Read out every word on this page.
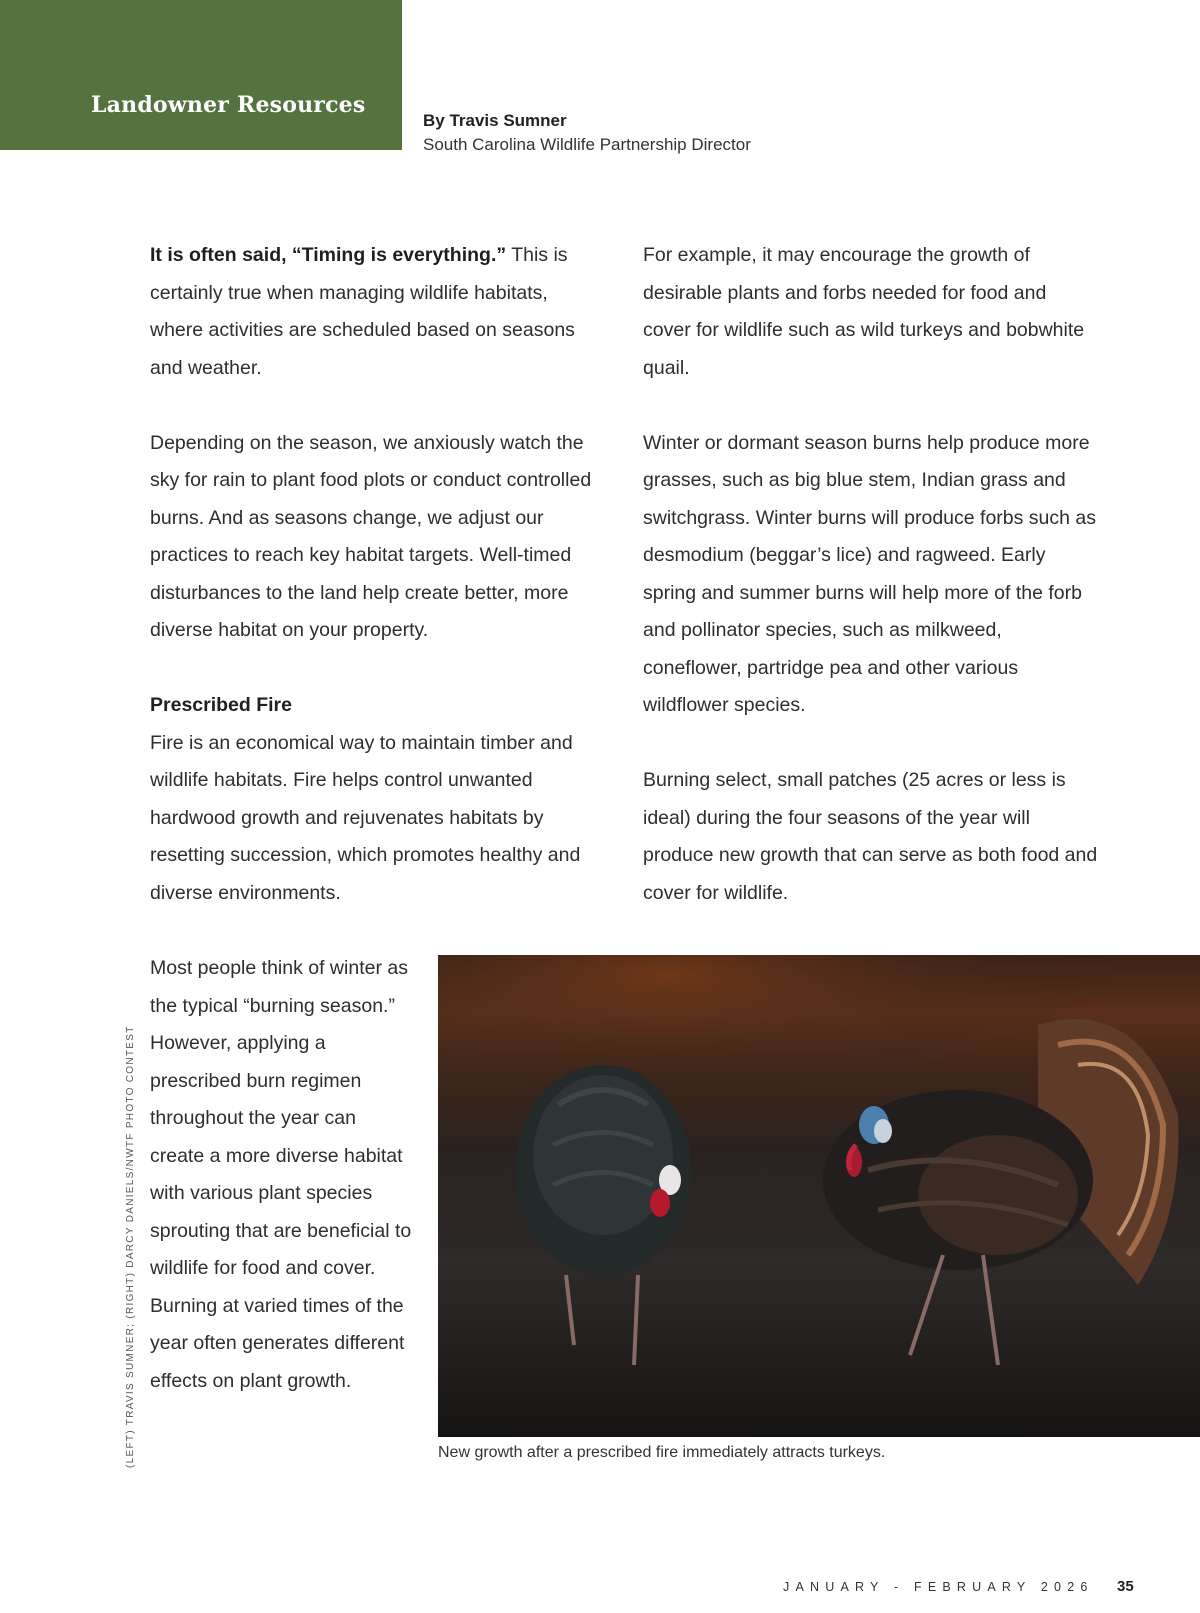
Landowner Resources
By Travis Sumner
South Carolina Wildlife Partnership Director

It is often said, “Timing is everything.” This is certainly true when managing wildlife habitats, where activities are scheduled based on seasons and weather.

Depending on the season, we anxiously watch the sky for rain to plant food plots or conduct controlled burns. And as seasons change, we adjust our practices to reach key habitat targets. Well-timed disturbances to the land help create better, more diverse habitat on your property.

Prescribed Fire

Fire is an economical way to maintain timber and wildlife habitats. Fire helps control unwanted hardwood growth and rejuvenates habitats by resetting succession, which promotes healthy and diverse environments.

For example, it may encourage the growth of desirable plants and forbs needed for food and cover for wildlife such as wild turkeys and bobwhite quail.

Winter or dormant season burns help produce more grasses, such as big blue stem, Indian grass and switchgrass. Winter burns will produce forbs such as desmodium (beggar’s lice) and ragweed. Early spring and summer burns will help more of the forb and pollinator species, such as milkweed, coneflower, partridge pea and other various wildflower species.

Burning select, small patches (25 acres or less is ideal) during the four seasons of the year will produce new growth that can serve as both food and cover for wildlife.

Most people think of winter as the typical “burning season.” However, applying a prescribed burn regimen throughout the year can create a more diverse habitat with various plant species sprouting that are beneficial to wildlife for food and cover. Burning at varied times of the year often generates different effects on plant growth.

(LEFT) TRAVIS SUMNER; (RIGHT) DARCY DANIELS/NWTF PHOTO CONTEST	New growth after a prescribed fire immediately attracts turkeys.
JANUARY - FEBRUARY 2026 35
